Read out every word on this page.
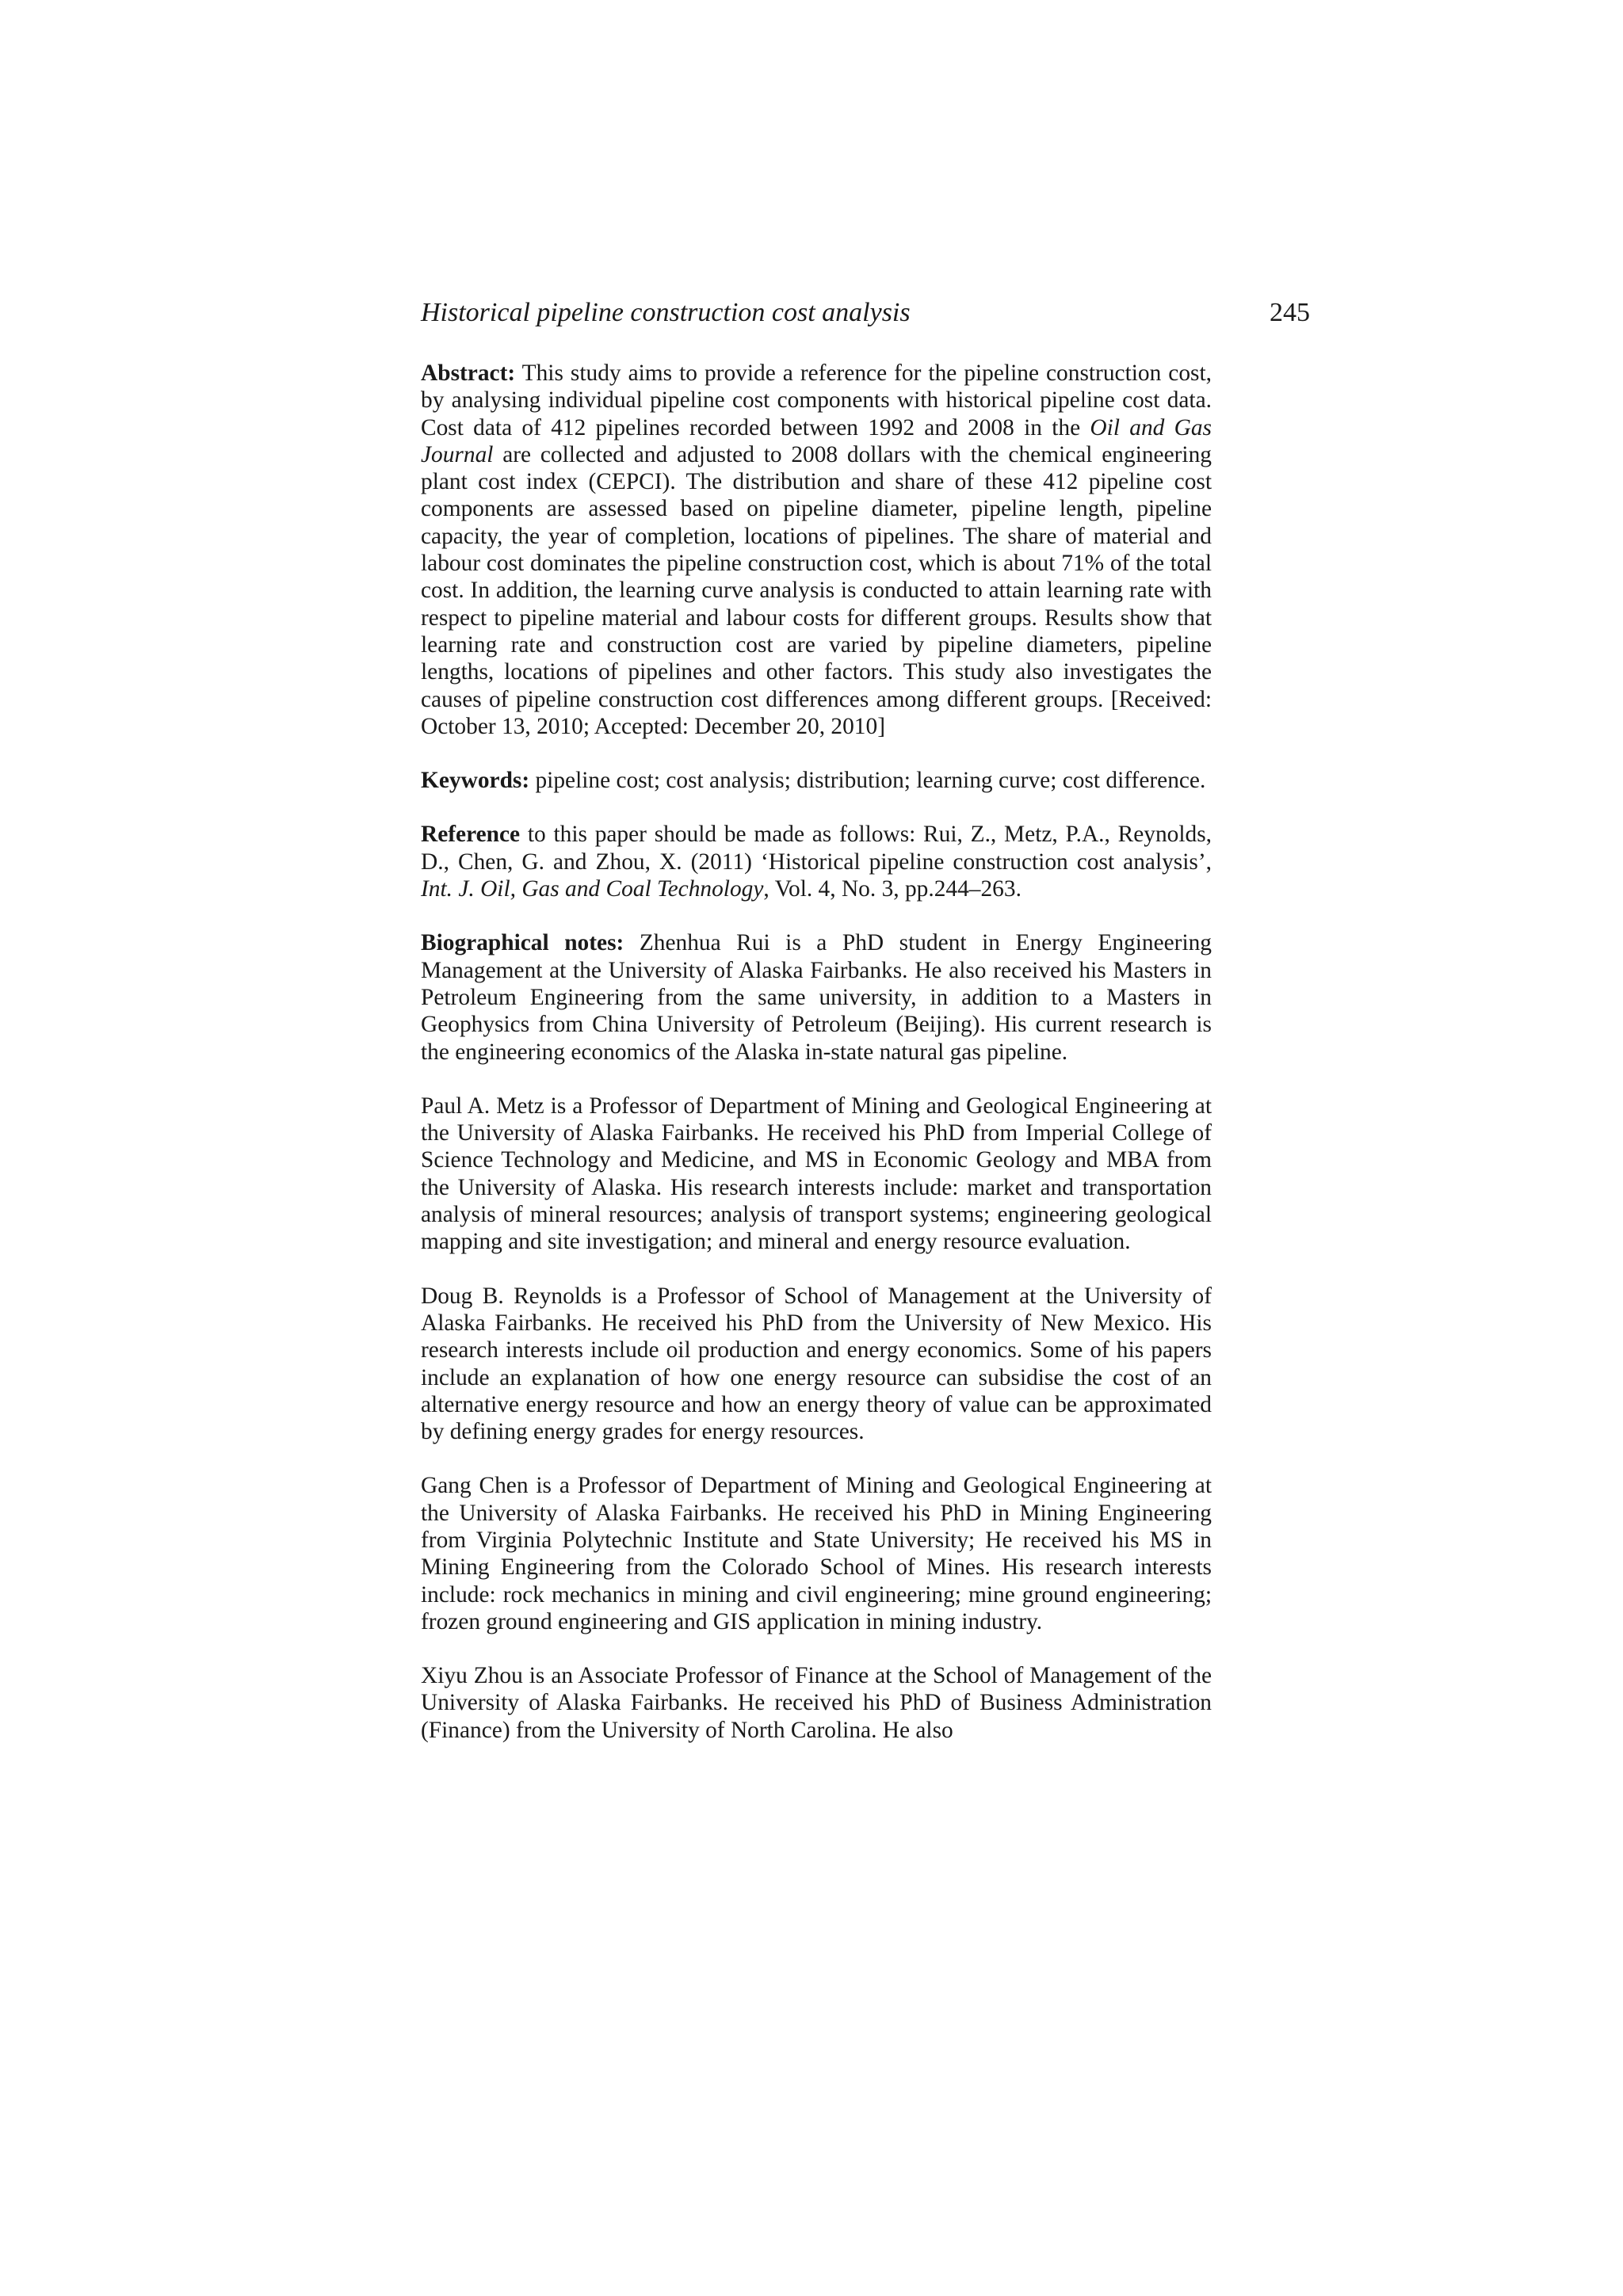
Historical pipeline construction cost analysis	245

Abstract: This study aims to provide a reference for the pipeline construction cost, by analysing individual pipeline cost components with historical pipeline cost data. Cost data of 412 pipelines recorded between 1992 and 2008 in the Oil and Gas Journal are collected and adjusted to 2008 dollars with the chemical engineering plant cost index (CEPCI). The distribution and share of these 412 pipeline cost components are assessed based on pipeline diameter, pipeline length, pipeline capacity, the year of completion, locations of pipelines. The share of material and labour cost dominates the pipeline construction cost, which is about 71% of the total cost. In addition, the learning curve analysis is conducted to attain learning rate with respect to pipeline material and labour costs for different groups. Results show that learning rate and construction cost are varied by pipeline diameters, pipeline lengths, locations of pipelines and other factors. This study also investigates the causes of pipeline construction cost differences among different groups. [Received: October 13, 2010; Accepted: December 20, 2010]

Keywords: pipeline cost; cost analysis; distribution; learning curve; cost difference.

Reference to this paper should be made as follows: Rui, Z., Metz, P.A., Reynolds, D., Chen, G. and Zhou, X. (2011) ‘Historical pipeline construction cost analysis’, Int. J. Oil, Gas and Coal Technology, Vol. 4, No. 3, pp.244–263.

Biographical notes: Zhenhua Rui is a PhD student in Energy Engineering Management at the University of Alaska Fairbanks. He also received his Masters in Petroleum Engineering from the same university, in addition to a Masters in Geophysics from China University of Petroleum (Beijing). His current research is the engineering economics of the Alaska in-state natural gas pipeline.

Paul A. Metz is a Professor of Department of Mining and Geological Engineering at the University of Alaska Fairbanks. He received his PhD from Imperial College of Science Technology and Medicine, and MS in Economic Geology and MBA from the University of Alaska. His research interests include: market and transportation analysis of mineral resources; analysis of transport systems; engineering geological mapping and site investigation; and mineral and energy resource evaluation.

Doug B. Reynolds is a Professor of School of Management at the University of Alaska Fairbanks. He received his PhD from the University of New Mexico. His research interests include oil production and energy economics. Some of his papers include an explanation of how one energy resource can subsidise the cost of an alternative energy resource and how an energy theory of value can be approximated by defining energy grades for energy resources.

Gang Chen is a Professor of Department of Mining and Geological Engineering at the University of Alaska Fairbanks. He received his PhD in Mining Engineering from Virginia Polytechnic Institute and State University; He received his MS in Mining Engineering from the Colorado School of Mines. His research interests include: rock mechanics in mining and civil engineering; mine ground engineering; frozen ground engineering and GIS application in mining industry.

Xiyu Zhou is an Associate Professor of Finance at the School of Management of the University of Alaska Fairbanks. He received his PhD of Business Administration (Finance) from the University of North Carolina. He also
